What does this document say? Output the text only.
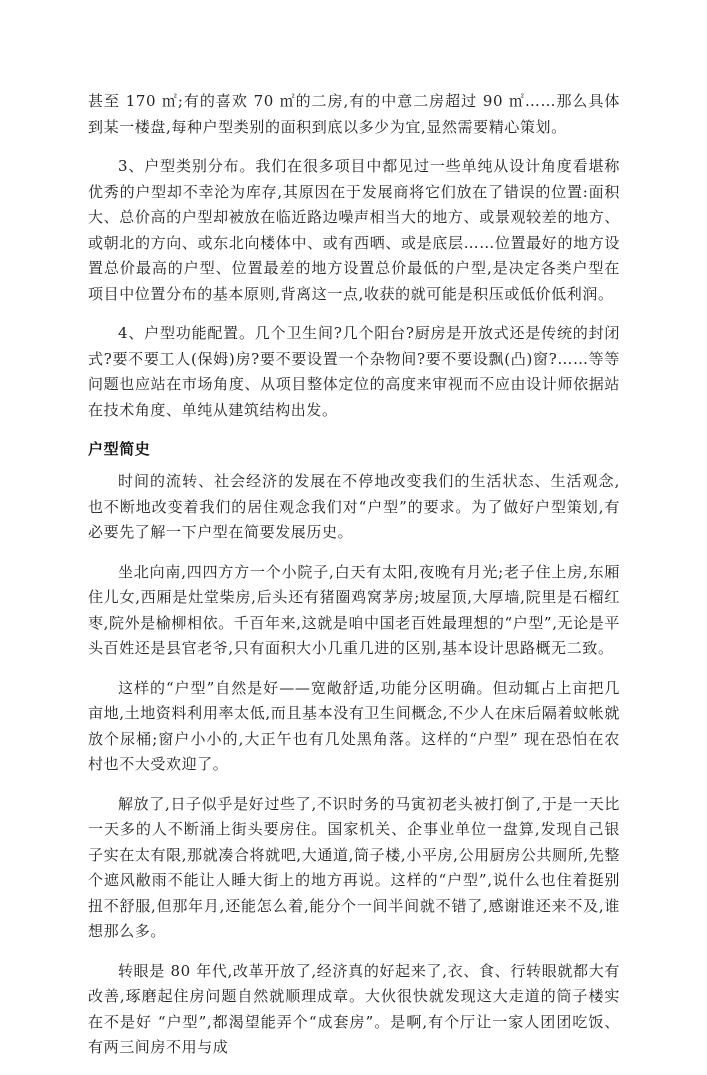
甚至 170 ㎡;有的喜欢 70 ㎡的二房,有的中意二房超过 90 ㎡……那么具体到某一楼盘,每种户型类别的面积到底以多少为宜,显然需要精心策划。

3、户型类别分布。我们在很多项目中都见过一些单纯从设计角度看堪称优秀的户型却不幸沦为库存,其原因在于发展商将它们放在了错误的位置:面积大、总价高的户型却被放在临近路边噪声相当大的地方、或景观较差的地方、或朝北的方向、或东北向楼体中、或有西晒、或是底层……位置最好的地方设置总价最高的户型、位置最差的地方设置总价最低的户型,是决定各类户型在项目中位置分布的基本原则,背离这一点,收获的就可能是积压或低价低利润。

4、户型功能配置。几个卫生间?几个阳台?厨房是开放式还是传统的封闭式?要不要工人(保姆)房?要不要设置一个杂物间?要不要设飘(凸)窗?……等等问题也应站在市场角度、从项目整体定位的高度来审视而不应由设计师依据站在技术角度、单纯从建筑结构出发。

户型简史

时间的流转、社会经济的发展在不停地改变我们的生活状态、生活观念,也不断地改变着我们的居住观念我们对“户型”的要求。为了做好户型策划,有必要先了解一下户型在简要发展历史。

坐北向南,四四方方一个小院子,白天有太阳,夜晚有月光;老子住上房,东厢住儿女,西厢是灶堂柴房,后头还有猪圈鸡窝茅房;坡屋顶,大厚墙,院里是石榴红枣,院外是榆柳相依。千百年来,这就是咱中国老百姓最理想的“户型”,无论是平头百姓还是县官老爷,只有面积大小几重几进的区别,基本设计思路概无二致。

这样的“户型”自然是好——宽敞舒适,功能分区明确。但动辄占上亩把几亩地,土地资料利用率太低,而且基本没有卫生间概念,不少人在床后隔着蚊帐就放个尿桶;窗户小小的,大正午也有几处黑角落。这样的“户型” 现在恐怕在农村也不大受欢迎了。

解放了,日子似乎是好过些了,不识时务的马寅初老头被打倒了,于是一天比一天多的人不断涌上街头要房住。国家机关、企事业单位一盘算,发现自己银子实在太有限,那就凑合将就吧,大通道,筒子楼,小平房,公用厨房公共厕所,先整个遮风敝雨不能让人睡大街上的地方再说。这样的“户型”,说什么也住着挺别扭不舒服,但那年月,还能怎么着,能分个一间半间就不错了,感谢谁还来不及,谁想那么多。

转眼是 80 年代,改革开放了,经济真的好起来了,衣、食、行转眼就都大有改善,琢磨起住房问题自然就顺理成章。大伙很快就发现这大走道的筒子楼实在不是好 “户型”,都渴望能弄个“成套房”。是啊,有个厅让一家人团团吃饭、有两三间房不用与成
